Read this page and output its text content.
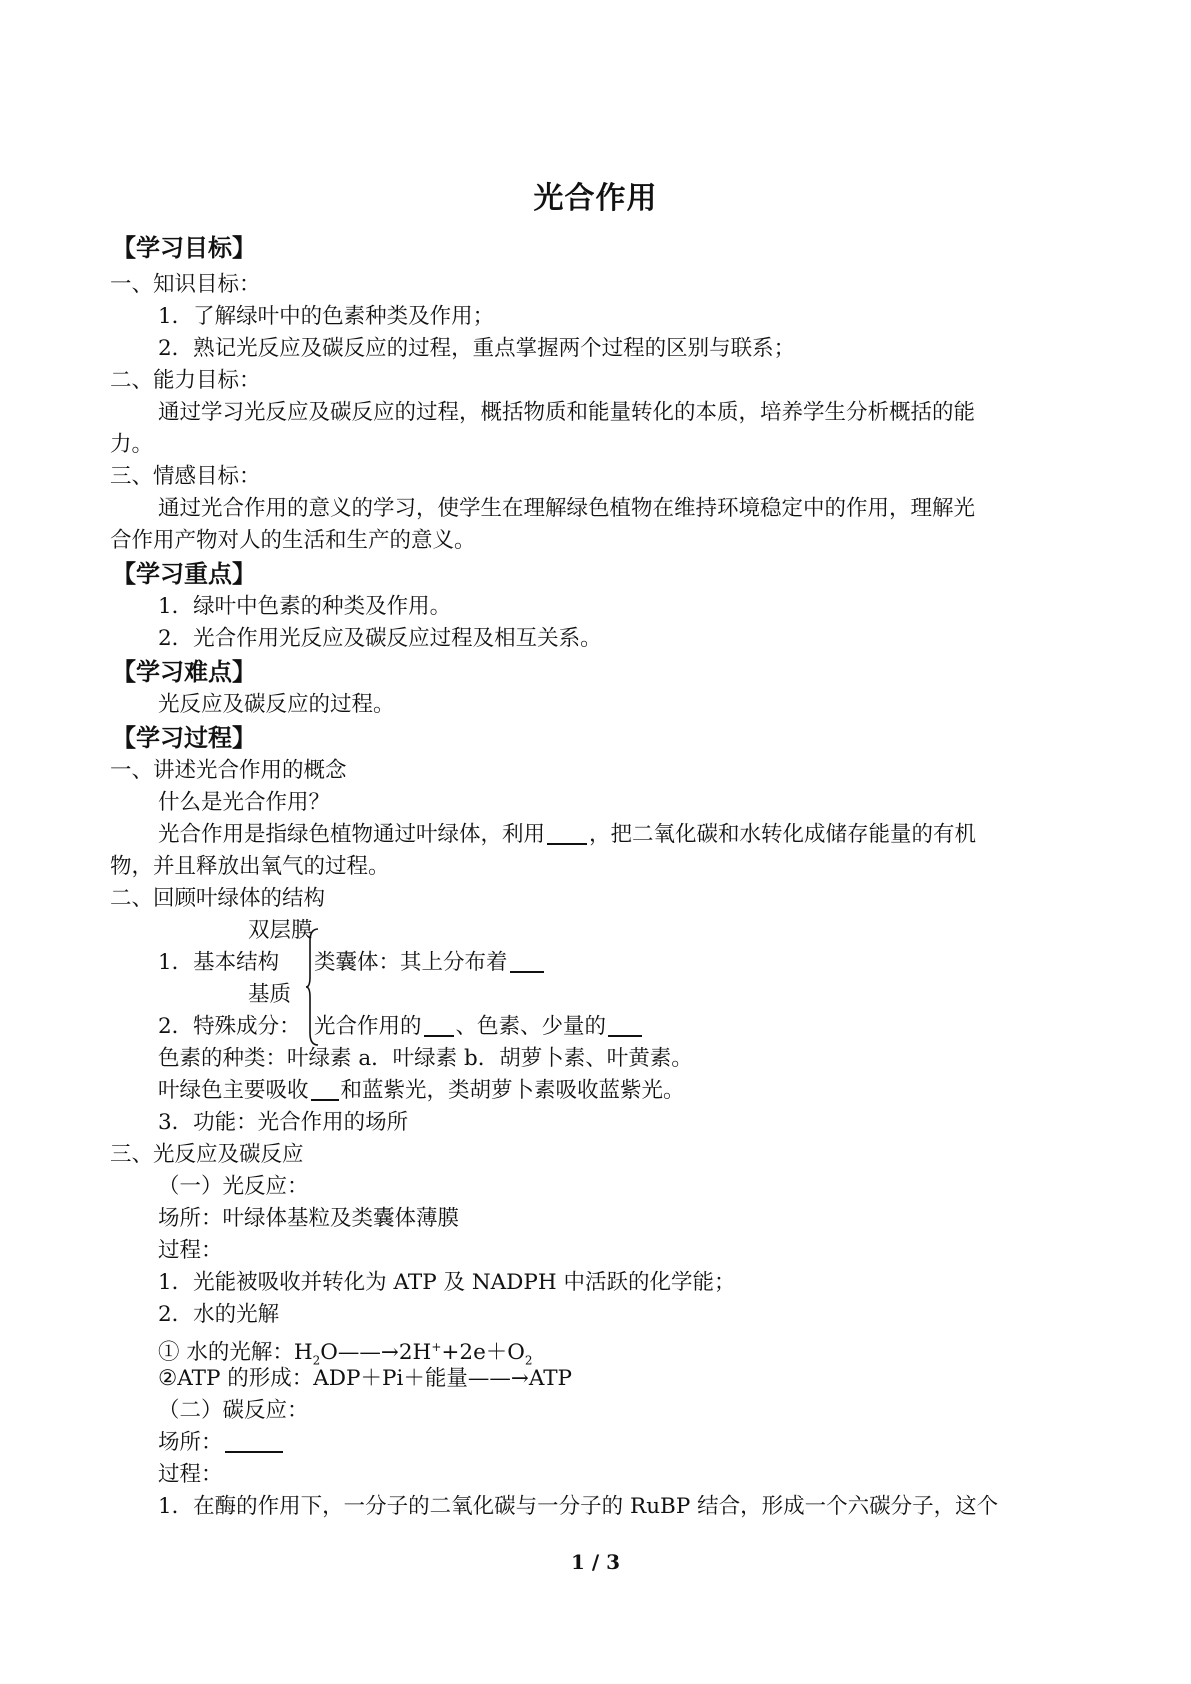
光合作用
【学习目标】
一、知识目标：
1．了解绿叶中的色素种类及作用；
2．熟记光反应及碳反应的过程，重点掌握两个过程的区别与联系；
二、能力目标：
通过学习光反应及碳反应的过程，概括物质和能量转化的本质，培养学生分析概括的能
力。
三、情感目标：
通过光合作用的意义的学习，使学生在理解绿色植物在维持环境稳定中的作用，理解光
合作用产物对人的生活和生产的意义。
【学习重点】
1．绿叶中色素的种类及作用。
2．光合作用光反应及碳反应过程及相互关系。
【学习难点】
光反应及碳反应的过程。
【学习过程】
一、讲述光合作用的概念
什么是光合作用？
光合作用是指绿色植物通过叶绿体，利用 ，把二氧化碳和水转化成储存能量的有机
物，并且释放出氧气的过程。
二、回顾叶绿体的结构
双层膜
1．基本结构 类囊体：其上分布着
基质
2．特殊成分： 光合作用的 、色素、少量的
色素的种类：叶绿素 a．叶绿素 b．胡萝卜素、叶黄素。
叶绿色主要吸收 和蓝紫光，类胡萝卜素吸收蓝紫光。
3．功能：光合作用的场所
三、光反应及碳反应
（一）光反应：
场所：叶绿体基粒及类囊体薄膜
过程：
1．光能被吸收并转化为 ATP 及 NADPH 中活跃的化学能；
2．水的光解
① 水的光解：$H_2O——\to 2H^++2e+O_2$
②ATP 的形成：ADP＋Pi＋能量——→ATP
（二）碳反应：
场所：
过程：
1．在酶的作用下，一分子的二氧化碳与一分子的 RuBP 结合，形成一个六碳分子，这个
1 / 3
